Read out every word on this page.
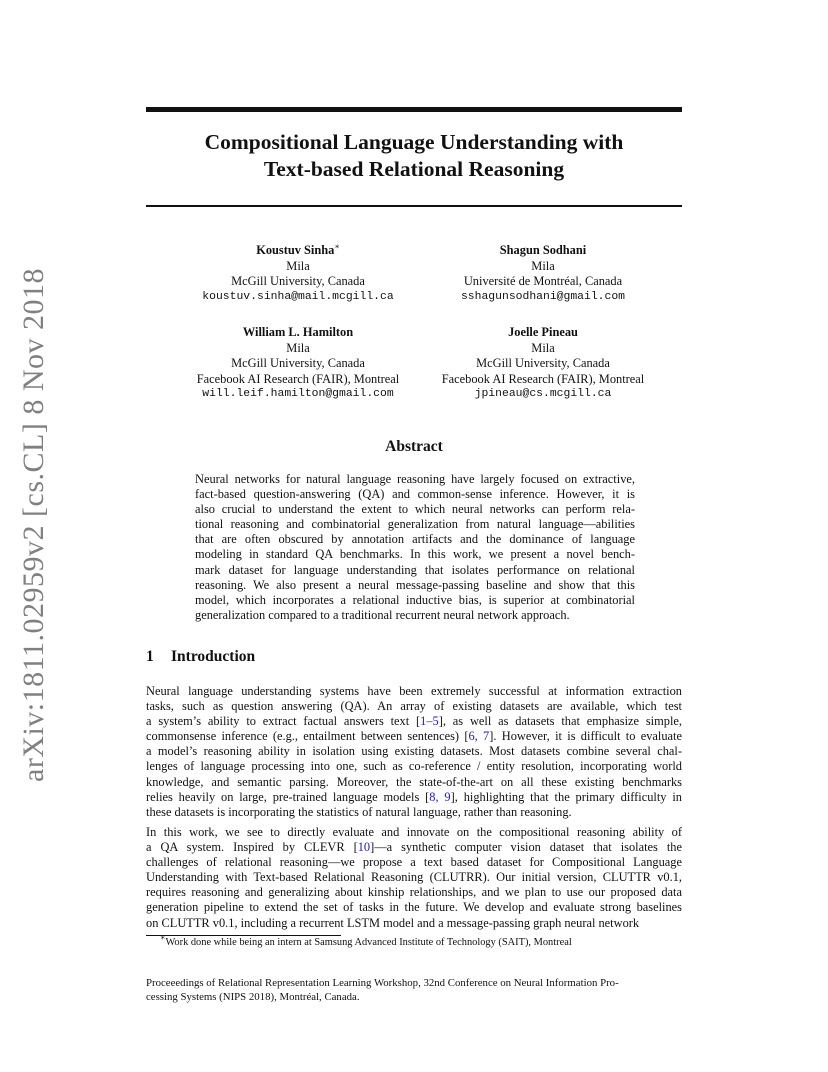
arXiv:1811.02959v2 [cs.CL] 8 Nov 2018
Compositional Language Understanding with
Text-based Relational Reasoning
Koustuv Sinha∗
Mila
McGill University, Canada
koustuv.sinha@mail.mcgill.ca
Shagun Sodhani
Mila
Université de Montréal, Canada
sshagunsodhani@gmail.com
William L. Hamilton
Mila
McGill University, Canada
Facebook AI Research (FAIR), Montreal
will.leif.hamilton@gmail.com
Joelle Pineau
Mila
McGill University, Canada
Facebook AI Research (FAIR), Montreal
jpineau@cs.mcgill.ca
Abstract
Neural networks for natural language reasoning have largely focused on extractive,
fact-based question-answering (QA) and common-sense inference. However, it is
also crucial to understand the extent to which neural networks can perform rela-
tional reasoning and combinatorial generalization from natural language—abilities
that are often obscured by annotation artifacts and the dominance of language
modeling in standard QA benchmarks. In this work, we present a novel bench-
mark dataset for language understanding that isolates performance on relational
reasoning. We also present a neural message-passing baseline and show that this
model, which incorporates a relational inductive bias, is superior at combinatorial
generalization compared to a traditional recurrent neural network approach.
1 Introduction
Neural language understanding systems have been extremely successful at information extraction
tasks, such as question answering (QA). An array of existing datasets are available, which test
a system’s ability to extract factual answers text [1–5], as well as datasets that emphasize simple,
commonsense inference (e.g., entailment between sentences) [6, 7]. However, it is difficult to evaluate
a model’s reasoning ability in isolation using existing datasets. Most datasets combine several chal-
lenges of language processing into one, such as co-reference / entity resolution, incorporating world
knowledge, and semantic parsing. Moreover, the state-of-the-art on all these existing benchmarks
relies heavily on large, pre-trained language models [8, 9], highlighting that the primary difficulty in
these datasets is incorporating the statistics of natural language, rather than reasoning.
In this work, we see to directly evaluate and innovate on the compositional reasoning ability of
a QA system. Inspired by CLEVR [10]—a synthetic computer vision dataset that isolates the
challenges of relational reasoning—we propose a text based dataset for Compositional Language
Understanding with Text-based Relational Reasoning (CLUTRR). Our initial version, CLUTTR v0.1,
requires reasoning and generalizing about kinship relationships, and we plan to use our proposed data
generation pipeline to extend the set of tasks in the future. We develop and evaluate strong baselines
on CLUTTR v0.1, including a recurrent LSTM model and a message-passing graph neural network
∗Work done while being an intern at Samsung Advanced Institute of Technology (SAIT), Montreal
Proceeedings of Relational Representation Learning Workshop, 32nd Conference on Neural Information Pro-
cessing Systems (NIPS 2018), Montréal, Canada.
